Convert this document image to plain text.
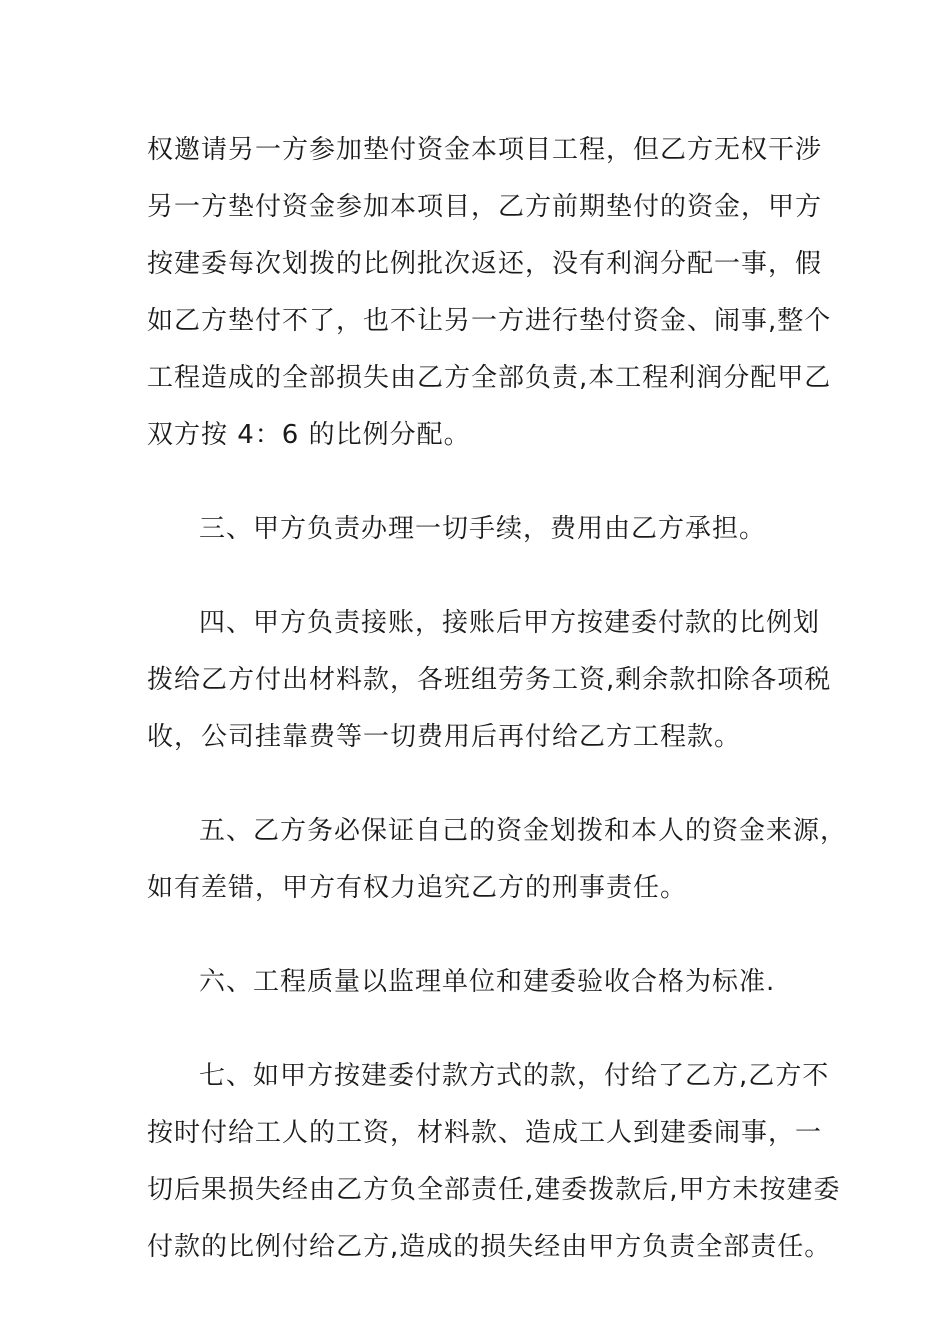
权邀请另一方参加垫付资金本项目工程，但乙方无权干涉
另一方垫付资金参加本项目，乙方前期垫付的资金，甲方
按建委每次划拨的比例批次返还，没有利润分配一事，假
如乙方垫付不了，也不让另一方进行垫付资金、闹事,整个
工程造成的全部损失由乙方全部负责,本工程利润分配甲乙
双方按 4：6 的比例分配。

三、甲方负责办理一切手续，费用由乙方承担。

四、甲方负责接账，接账后甲方按建委付款的比例划
拨给乙方付出材料款，各班组劳务工资,剩余款扣除各项税
收，公司挂靠费等一切费用后再付给乙方工程款。

五、乙方务必保证自己的资金划拨和本人的资金来源，
如有差错，甲方有权力追究乙方的刑事责任。

六、工程质量以监理单位和建委验收合格为标准.

七、如甲方按建委付款方式的款，付给了乙方,乙方不
按时付给工人的工资，材料款、造成工人到建委闹事，一
切后果损失经由乙方负全部责任,建委拨款后,甲方未按建委
付款的比例付给乙方,造成的损失经由甲方负责全部责任。
